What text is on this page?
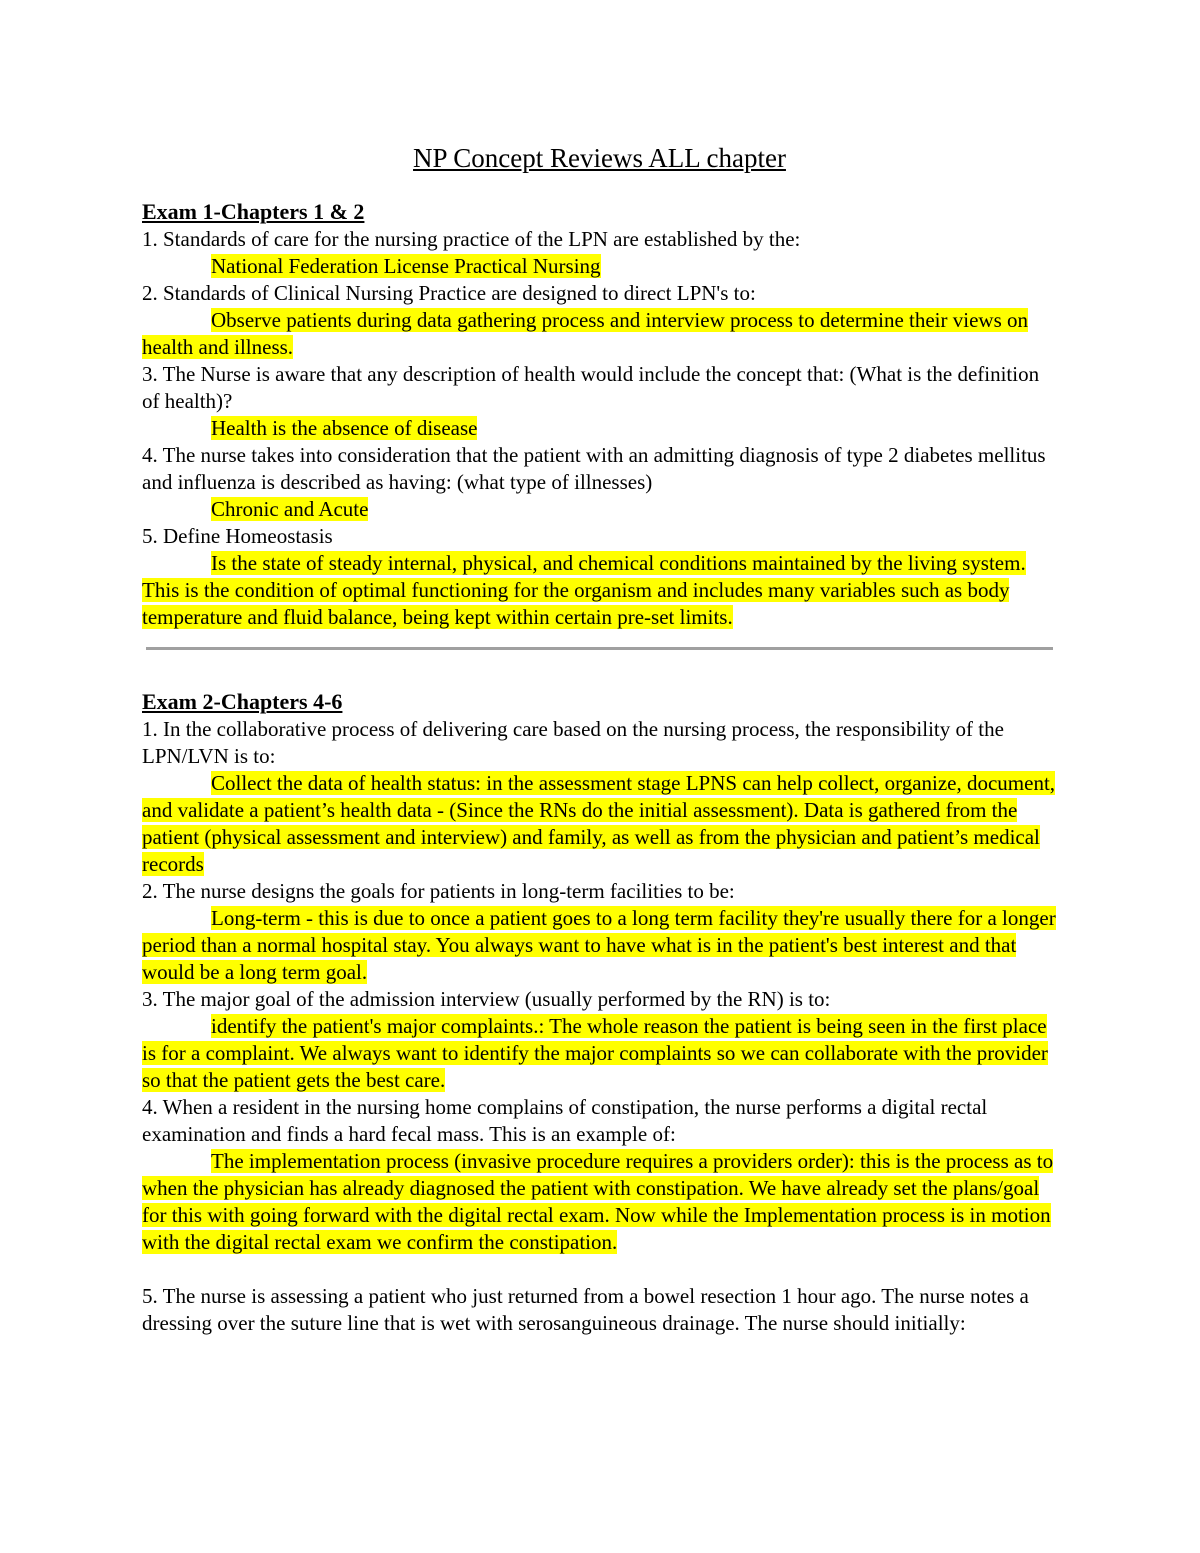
NP Concept Reviews ALL chapter

Exam 1-Chapters 1 & 2

1. Standards of care for the nursing practice of the LPN are established by the:

National Federation License Practical Nursing

2. Standards of Clinical Nursing Practice are designed to direct LPN's to:

Observe patients during data gathering process and interview process to determine their views on health and illness.

3. The Nurse is aware that any description of health would include the concept that: (What is the definition of health)?

Health is the absence of disease

4. The nurse takes into consideration that the patient with an admitting diagnosis of type 2 diabetes mellitus and influenza is described as having: (what type of illnesses)

Chronic and Acute

5. Define Homeostasis

Is the state of steady internal, physical, and chemical conditions maintained by the living system. This is the condition of optimal functioning for the organism and includes many variables such as body temperature and fluid balance, being kept within certain pre-set limits.

Exam 2-Chapters 4-6

1. In the collaborative process of delivering care based on the nursing process, the responsibility of the LPN/LVN is to:

Collect the data of health status: in the assessment stage LPNS can help collect, organize, document, and validate a patient’s health data - (Since the RNs do the initial assessment). Data is gathered from the patient (physical assessment and interview) and family, as well as from the physician and patient’s medical

records

2. The nurse designs the goals for patients in long-term facilities to be:

Long-term - this is due to once a patient goes to a long term facility they're usually there for a longer period than a normal hospital stay. You always want to have what is in the patient's best interest and that would be a long term goal.

3. The major goal of the admission interview (usually performed by the RN) is to:

identify the patient's major complaints.: The whole reason the patient is being seen in the first place is for a complaint. We always want to identify the major complaints so we can collaborate with the provider so that the patient gets the best care.

4. When a resident in the nursing home complains of constipation, the nurse performs a digital rectal examination and finds a hard fecal mass. This is an example of:

The implementation process (invasive procedure requires a providers order): this is the process as to when the physician has already diagnosed the patient with constipation. We have already set the plans/goal for this with going forward with the digital rectal exam. Now while the Implementation process is in motion with the digital rectal exam we confirm the constipation.

5. The nurse is assessing a patient who just returned from a bowel resection 1 hour ago. The nurse notes a dressing over the suture line that is wet with serosanguineous drainage. The nurse should initially:
